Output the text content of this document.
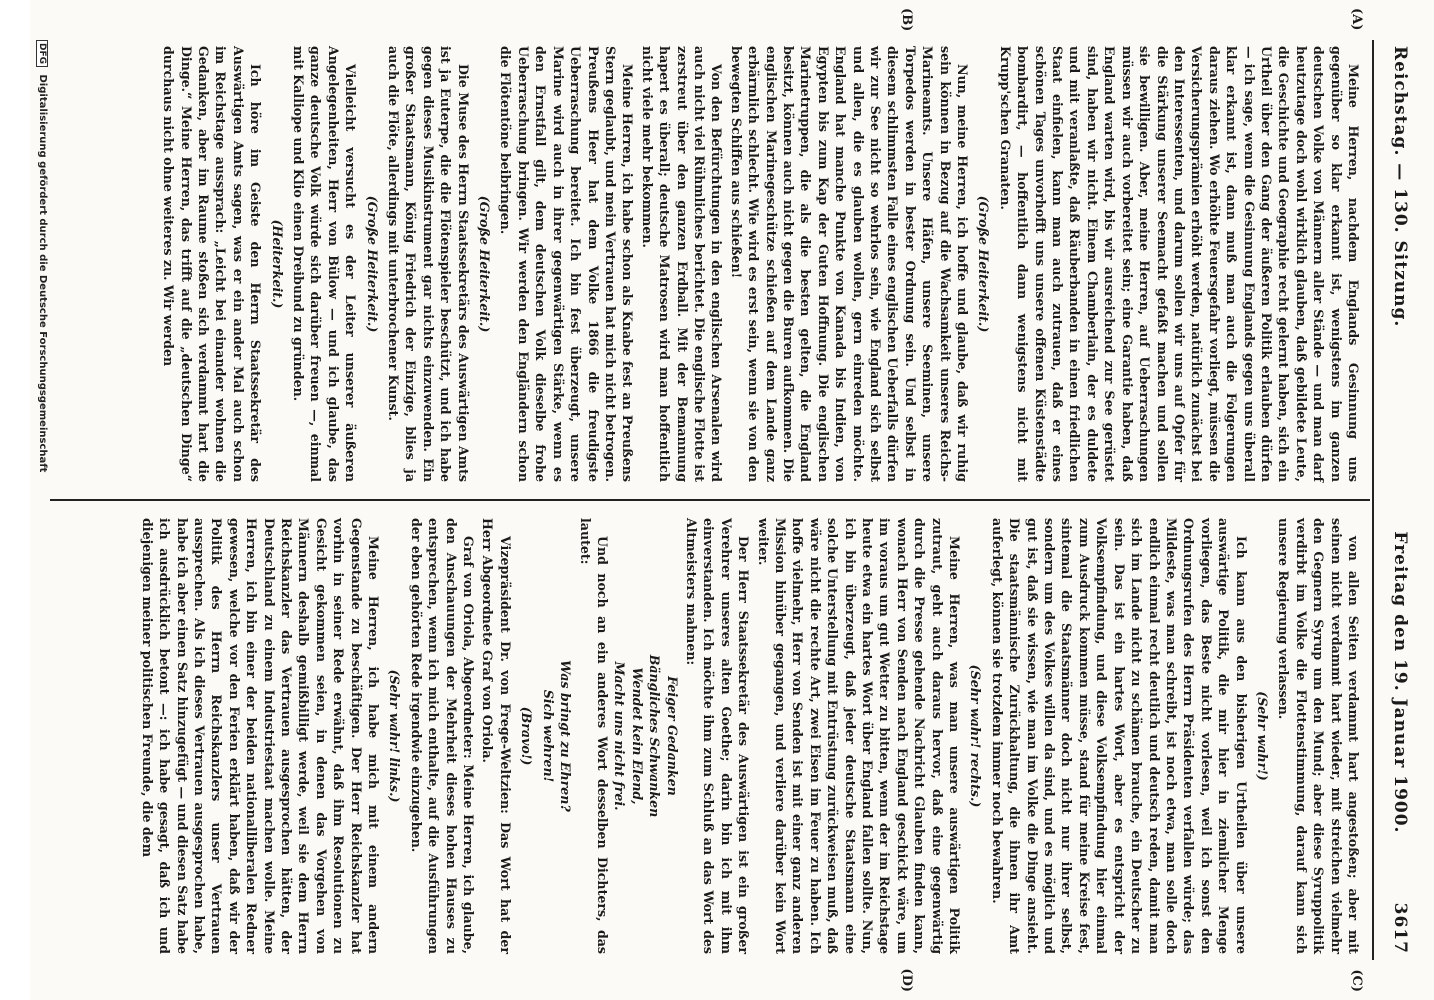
Reichstag. — 130. Sitzung.
Freitag den 19. Januar 1900.          3617
(A)
(B)
(C)
(D)

Meine Herren, nachdem Englands Gesinnung uns gegenüber so klar erkannt ist, wenigstens im ganzen deutschen Volke von Männern aller Stände — und man darf heutzutage doch wohl wirklich glauben, daß gebildete Leute, die Geschichte und Geographie recht gelernt haben, sich ein Urtheil über den Gang der äußeren Politik erlauben dürfen — ich sage, wenn die Gesinnung Englands gegen uns überall klar erkannt ist, dann muß man auch die Folgerungen daraus ziehen. Wo erhöhte Feuersgefahr vorliegt, müssen die Versicherungsprämien erhöht werden, natürlich zunächst bei den Interessenten, und darum sollen wir uns auf Opfer für die Stärkung unserer Seemacht gefaßt machen und sollen sie bewilligen. Aber, meine Herren, auf Ueberraschungen müssen wir auch vorbereitet sein; eine Garantie haben, daß England warten wird, bis wir ausreichend zur See gerüstet sind, haben wir nicht. Einem Chamberlain, der es duldete und mit veranlaßte, daß Räuberbanden in einen friedlichen Staat einfielen, kann man auch zutrauen, daß er eines schönen Tages unvorhofft uns unsere offenen Küstenstädte bombardirt, — hoffentlich dann wenigstens nicht mit Krupp'schen Granaten.

(Große Heiterkeit.)

Nun, meine Herren, ich hoffe und glaube, daß wir ruhig sein können in Bezug auf die Wachsamkeit unseres Reichs-Marineamts. Unsere Häfen, unsere Seeminen, unsere Torpedos werden in bester Ordnung sein. Und selbst in diesem schlimmsten Falle eines englischen Ueberfalls dürfen wir zur See nicht so wehrlos sein, wie England sich selbst und allen, die es glauben wollen, gern einreden möchte. England hat manche Punkte von Kanada bis Indien, von Egypten bis zum Kap der Guten Hoffnung. Die englischen Marinetruppen, die als die besten gelten, die England besitzt, können auch nicht gegen die Buren aufkommen. Die englischen Marinegeschütze schießen auf dem Lande ganz erbärmlich schlecht. Wie wird es erst sein, wenn sie von den bewegten Schiffen aus schießen!

Von den Befürchtungen in den englischen Arsenalen wird auch nicht viel Rühmliches berichtet. Die englische Flotte ist zerstreut über den ganzen Erdball. Mit der Bemannung hapert es überall; deutsche Matrosen wird man hoffentlich nicht viele mehr bekommen.

Meine Herren, ich habe schon als Knabe fest an Preußens Stern geglaubt, und mein Vertrauen hat mich nicht betrogen. Preußens Heer hat dem Volke 1866 die freudigste Ueberraschung bereitet. Ich bin fest überzeugt, unsere Marine wird auch in ihrer gegenwärtigen Stärke, wenn es den Ernstfall gilt, dem deutschen Volk dieselbe frohe Ueberraschung bringen. Wir werden den Engländern schon die Flötentöne beibringen.

(Große Heiterkeit.)

Die Muse des Herrn Staatssekretärs des Auswärtigen Amts ist ja Euterpe, die die Flötenspieler beschützt, und ich habe gegen dieses Musikinstrument gar nichts einzuwenden. Ein großer Staatsmann, König Friedrich der Einzige, blies ja auch die Flöte, allerdings mit unterbrochener Kunst.

(Große Heiterkeit.)

Vielleicht versucht es der Leiter unserer äußeren Angelegenheiten, Herr von Bülow — und ich glaube, das ganze deutsche Volk würde sich darüber freuen —, einmal mit Kalliope und Klio einen Dreibund zu gründen.

(Heiterkeit.)

Ich höre im Geiste den Herrn Staatssekretär des Auswärtigen Amts sagen, was er ein ander Mal auch schon im Reichstage aussprach: „Leicht bei einander wohnen die Gedanken, aber im Raume stoßen sich verdammt hart die Dinge.“ Meine Herren, das trifft auf die „deutschen Dinge“ durchaus nicht ohne weiteres zu. Wir werden

von allen Seiten verdammt hart angestoßen; aber mit seinen nicht verdammt hart wieder, mit streichen vielmehr den Gegnern Syrup um den Mund; aber diese Syruppolitik verdirbt im Volke die Flottenstimmung, darauf kann sich unsere Regierung verlassen.

(Sehr wahr!)

Ich kann aus den bisherigen Urtheilen über unsere auswärtige Politik, die mir hier in ziemlicher Menge vorliegen, das Beste nicht vorlesen, weil ich sonst den Ordnungsrufen des Herrn Präsidenten verfallen würde; das Mildeste, was man schreibt, ist noch etwa, man solle doch endlich einmal recht deutlich und deutsch reden, damit man sich im Lande nicht zu schämen brauche, ein Deutscher zu sein. Das ist ein hartes Wort, aber es entspricht der Volksempfindung, und diese Volksempfindung hier einmal zum Ausdruck kommen müsse, stand für meine Kreise fest, sintemal die Staatsmänner doch nicht nur ihrer selbst, sondern um des Volkes willen da sind, und es möglich und gut ist, daß sie wissen, wie man im Volke die Dinge ansieht. Die staatsmännische Zurückhaltung, die ihnen ihr Amt auferlegt, können sie trotzdem immer noch bewahren.

(Sehr wahr! rechts.)

Meine Herren, was man unsere auswärtigen Politik zutraut, geht auch daraus hervor, daß eine gegenwärtig durch die Presse gehende Nachricht Glauben finden kann, wonach Herr von Senden nach England geschickt wäre, um im voraus um gut Wetter zu bitten, wenn der im Reichstage heute etwa ein hartes Wort über England fallen sollte. Nun, ich bin überzeugt, daß jeder deutsche Staatsmann eine solche Unterstellung mit Entrüstung zurückweisen muß, daß wäre nicht die rechte Art, zwei Eisen im Feuer zu haben. Ich hoffe vielmehr, Herr von Senden ist mit einer ganz anderen Mission hinüber gegangen, und verliere darüber kein Wort weiter.

Der Herr Staatssekretär des Auswärtigen ist ein großer Verehrer unseres alten Goethe; darin bin ich mit ihm einverstanden. Ich möchte ihm zum Schluß an das Wort des Altmeisters mahnen:

Feiger Gedanken

Bängliches Schwanken

Wendet kein Elend,

Macht uns nicht frei.

Und noch an ein anderes Wort desselben Dichters, das lautet:

Was bringt zu Ehren?

Sich wehren!

(Bravo!)

Vizepräsident Dr. von Frege-Weltzien: Das Wort hat der Herr Abgeordnete Graf von Oriola.

Graf von Oriola, Abgeordneter: Meine Herren, ich glaube, den Anschauungen der Mehrheit dieses hohen Hauses zu entsprechen, wenn ich mich enthalte, auf die Ausführungen der eben gehörten Rede irgendwie einzugehen.

(Sehr wahr! links.)

Meine Herren, ich habe mich mit einem andern Gegenstande zu beschäftigen. Der Herr Reichskanzler hat vorhin in seiner Rede erwähnt, daß ihm Resolutionen zu Gesicht gekommen seien, in denen das Vorgehen von Männern deshalb gemißbilligt werde, weil sie dem Herrn Reichskanzler das Vertrauen ausgesprochen hätten, der Deutschland zu einem Industriestaat machen wolle. Meine Herren, ich bin einer der beiden nationalliberalen Redner gewesen, welche vor den Ferien erklärt haben, daß wir der Politik des Herrn Reichskanzlers unser Vertrauen aussprechen. Als ich dieses Vertrauen ausgesprochen habe, habe ich aber einen Satz hinzugefügt — und diesen Satz habe ich ausdrücklich betont —: ich habe gesagt, daß ich und diejenigen meiner politischen Freunde, die dem

DFG Digitalisierung gefördert durch die Deutsche Forschungsgemeinschaft
